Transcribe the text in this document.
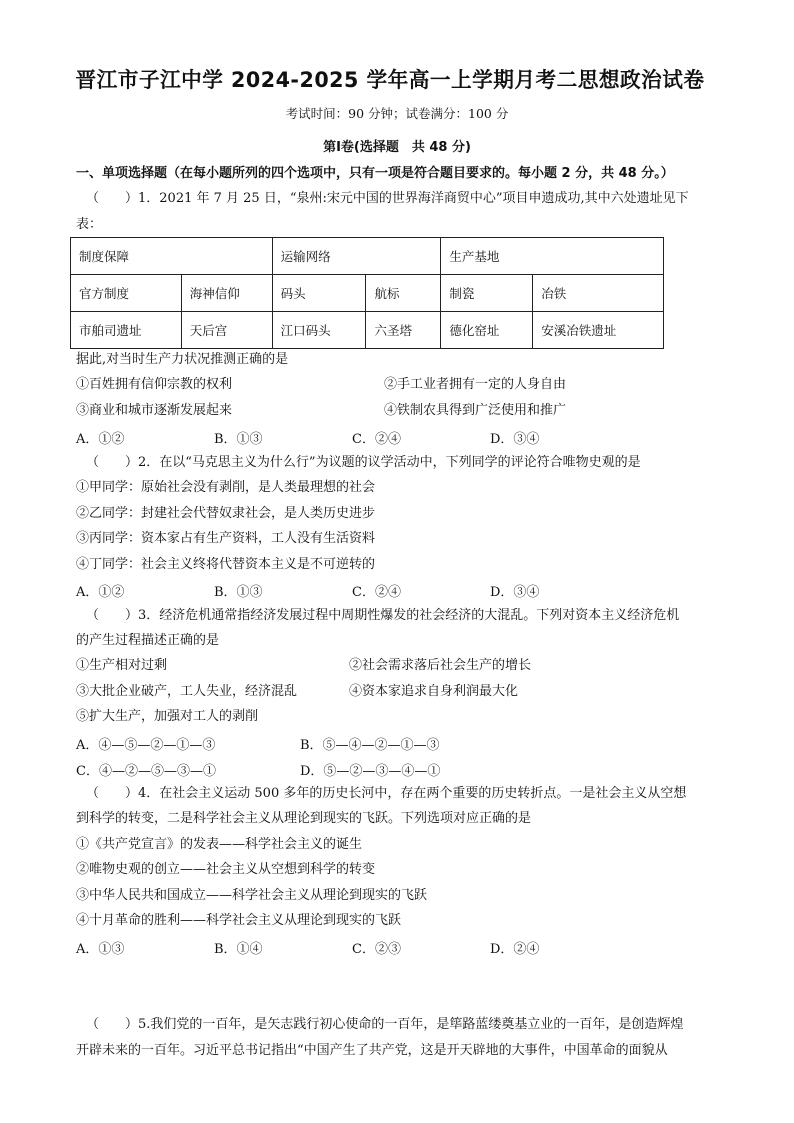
晋江市子江中学 2024-2025 学年高一上学期月考二思想政治试卷
考试时间：90 分钟；试卷满分：100 分
第Ⅰ卷(选择题　共 48 分)
一、单项选择题（在每小题所列的四个选项中，只有一项是符合题目要求的。每小题 2 分，共 48 分。）
（　　）1．2021 年 7 月 25 日，“泉州:宋元中国的世界海洋商贸中心”项目申遗成功,其中六处遗址见下
表：
制度保障		运输网络		生产基地	
官方制度	海神信仰	码头	航标	制瓷	冶铁
市舶司遗址	天后宫	江口码头	六圣塔	德化窑址	安溪冶铁遗址
据此,对当时生产力状况推测正确的是
①百姓拥有信仰宗教的权利	②手工业者拥有一定的人身自由
③商业和城市逐渐发展起来	④铁制农具得到广泛使用和推广
A．①②	B．①③	C．②④	D．③④
（　　）2．在以“马克思主义为什么行”为议题的议学活动中，下列同学的评论符合唯物史观的是
①甲同学：原始社会没有剥削，是人类最理想的社会
②乙同学：封建社会代替奴隶社会，是人类历史进步
③丙同学：资本家占有生产资料，工人没有生活资料
④丁同学：社会主义终将代替资本主义是不可逆转的
A．①②	B．①③	C．②④	D．③④
（　　）3．经济危机通常指经济发展过程中周期性爆发的社会经济的大混乱。下列对资本主义经济危机
的产生过程描述正确的是
①生产相对过剩	②社会需求落后社会生产的增长
③大批企业破产，工人失业，经济混乱	④资本家追求自身利润最大化
⑤扩大生产，加强对工人的剥削
A．④—⑤—②—①—③	B．⑤—④—②—①—③
C．④—②—⑤—③—①	D．⑤—②—③—④—①
（　　）4．在社会主义运动 500 多年的历史长河中，存在两个重要的历史转折点。一是社会主义从空想
到科学的转变，二是科学社会主义从理论到现实的飞跃。下列选项对应正确的是
①《共产党宣言》的发表——科学社会主义的诞生
②唯物史观的创立——社会主义从空想到科学的转变
③中华人民共和国成立——科学社会主义从理论到现实的飞跃
④十月革命的胜利——科学社会主义从理论到现实的飞跃
A．①③	B．①④	C．②③	D．②④
（　　）5.我们党的一百年，是矢志践行初心使命的一百年，是筚路蓝缕奠基立业的一百年，是创造辉煌
开辟未来的一百年。习近平总书记指出“中国产生了共产党，这是开天辟地的大事件，中国革命的面貌从
